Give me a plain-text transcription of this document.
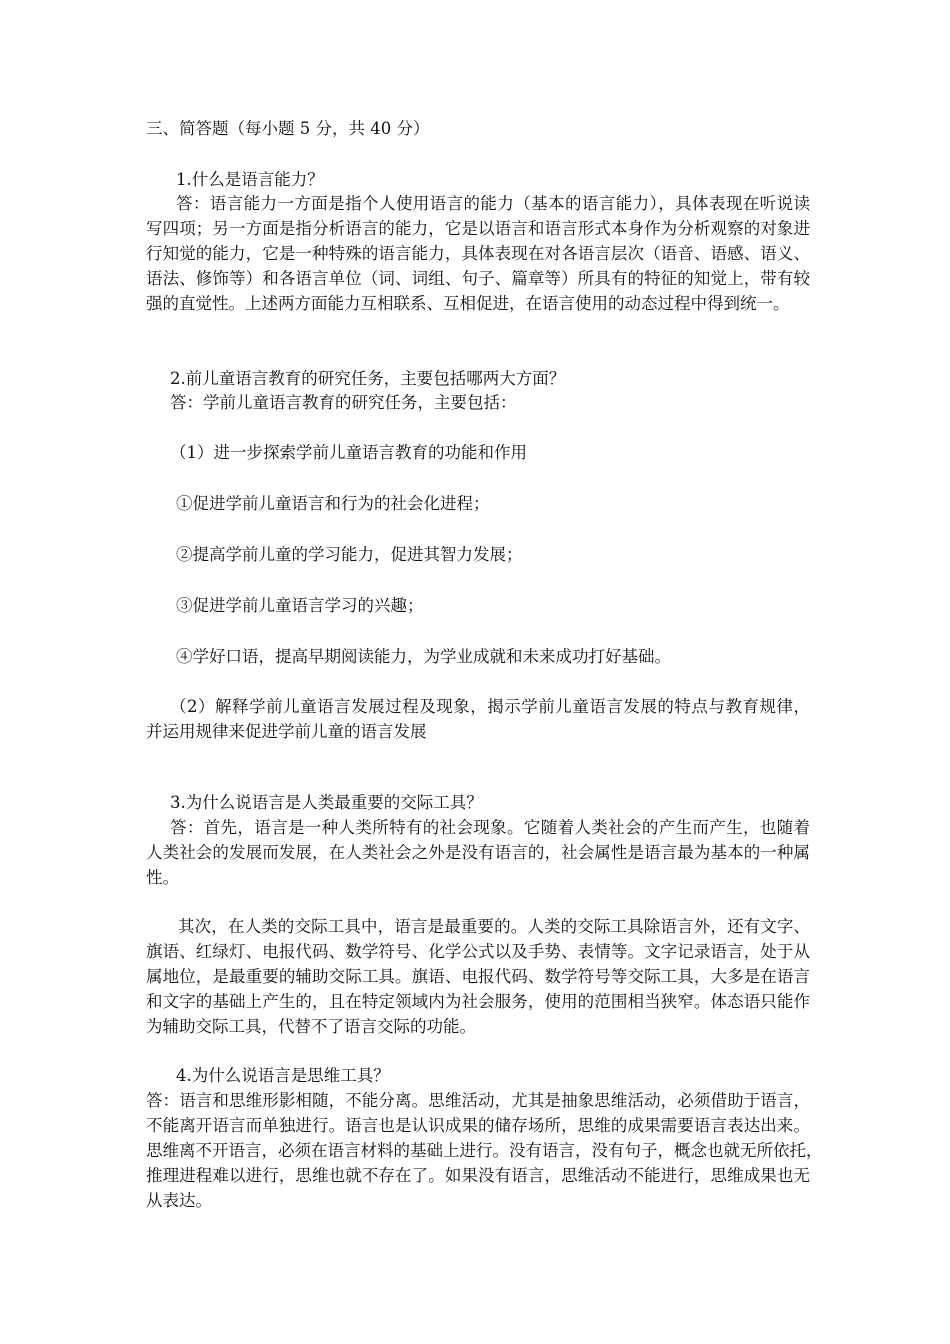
三、简答题（每小题 5 分，共 40 分）
1.什么是语言能力？
答：语言能力一方面是指个人使用语言的能力（基本的语言能力），具体表现在听说读
写四项；另一方面是指分析语言的能力，它是以语言和语言形式本身作为分析观察的对象进
行知觉的能力，它是一种特殊的语言能力，具体表现在对各语言层次（语音、语感、语义、
语法、修饰等）和各语言单位（词、词组、句子、篇章等）所具有的特征的知觉上，带有较
强的直觉性。上述两方面能力互相联系、互相促进，在语言使用的动态过程中得到统一。
2.前儿童语言教育的研究任务，主要包括哪两大方面？
答：学前儿童语言教育的研究任务，主要包括：
（1）进一步探索学前儿童语言教育的功能和作用
①促进学前儿童语言和行为的社会化进程；
②提高学前儿童的学习能力，促进其智力发展；
③促进学前儿童语言学习的兴趣；
④学好口语，提高早期阅读能力，为学业成就和未来成功打好基础。
（2）解释学前儿童语言发展过程及现象，揭示学前儿童语言发展的特点与教育规律，
并运用规律来促进学前儿童的语言发展
3.为什么说语言是人类最重要的交际工具？
答：首先，语言是一种人类所特有的社会现象。它随着人类社会的产生而产生，也随着
人类社会的发展而发展，在人类社会之外是没有语言的，社会属性是语言最为基本的一种属
性。
其次，在人类的交际工具中，语言是最重要的。人类的交际工具除语言外，还有文字、
旗语、红绿灯、电报代码、数学符号、化学公式以及手势、表情等。文字记录语言，处于从
属地位，是最重要的辅助交际工具。旗语、电报代码、数学符号等交际工具，大多是在语言
和文字的基础上产生的，且在特定领域内为社会服务，使用的范围相当狭窄。体态语只能作
为辅助交际工具，代替不了语言交际的功能。
4.为什么说语言是思维工具？
答：语言和思维形影相随，不能分离。思维活动，尤其是抽象思维活动，必须借助于语言，
不能离开语言而单独进行。语言也是认识成果的储存场所，思维的成果需要语言表达出来。
思维离不开语言，必须在语言材料的基础上进行。没有语言，没有句子，概念也就无所依托，
推理进程难以进行，思维也就不存在了。如果没有语言，思维活动不能进行，思维成果也无
从表达。
